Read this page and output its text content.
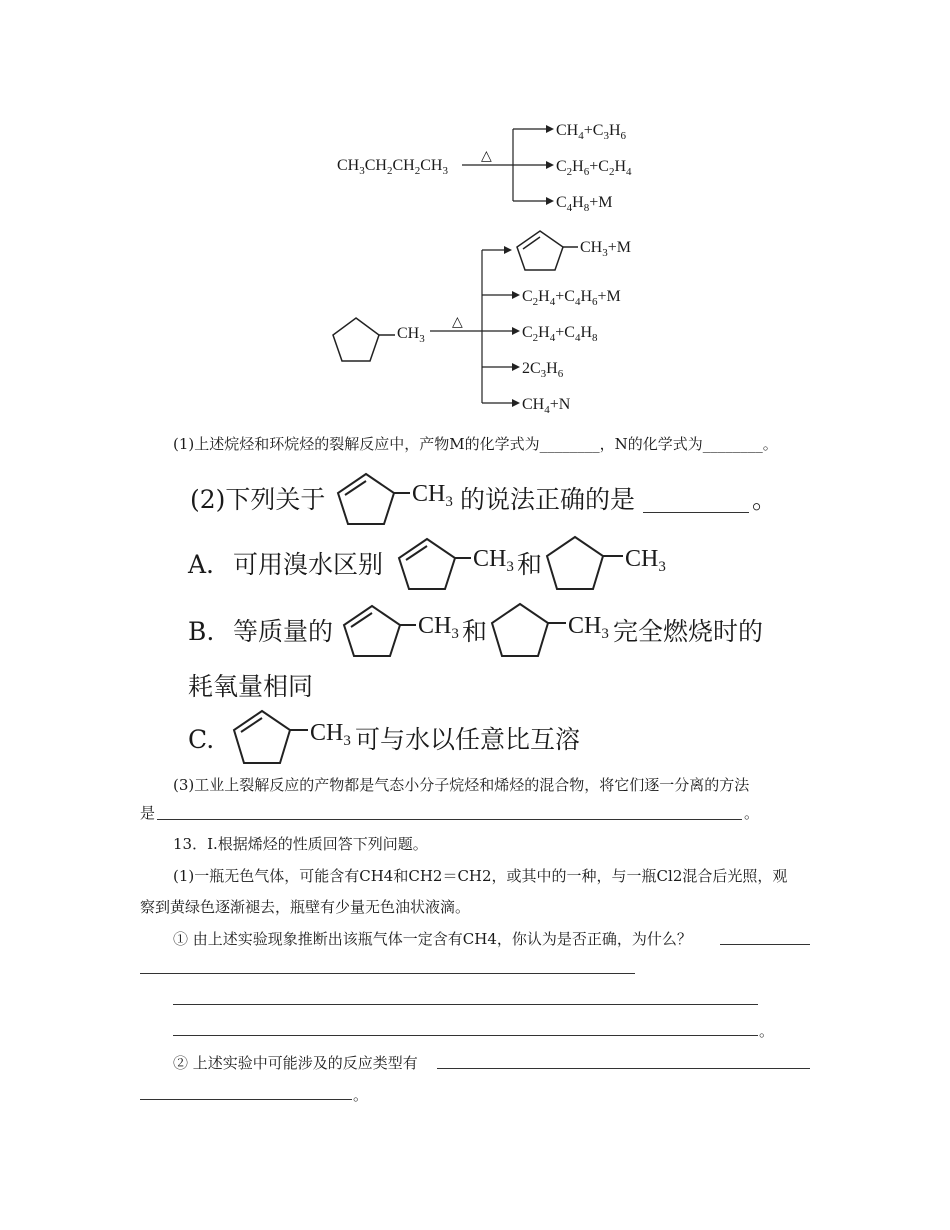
$CH_3CH_2CH_2CH_3$
△
$CH_4+C_3H_6$
$C_2H_6+C_2H_4$
$C_4H_8+M$
$CH_3$
△
$CH_3+M$
$C_2H_4+C_4H_6+M$
$C_2H_4+C_4H_8$
$2C_3H_6$
$CH_4+N$
(1)上述烷烃和环烷烃的裂解反应中，产物M的化学式为________，N的化学式为________。
(2)下列关于	$CH_3$ 的说法正确的是	。
A. 可用溴水区别	$CH_3$ 和	$CH_3$
B. 等质量的	$CH_3$ 和	$CH_3$ 完全燃烧时的
耗氧量相同
C.	$CH_3$ 可与水以任意比互溶
(3)工业上裂解反应的产物都是气态小分子烷烃和烯烃的混合物，将它们逐一分离的方法
是	。
13．Ⅰ.根据烯烃的性质回答下列问题。
(1)一瓶无色气体，可能含有CH4和CH2＝CH2，或其中的一种，与一瓶Cl2混合后光照，观
察到黄绿色逐渐褪去，瓶壁有少量无色油状液滴。
① 由上述实验现象推断出该瓶气体一定含有CH4，你认为是否正确，为什么？
。
② 上述实验中可能涉及的反应类型有
。
